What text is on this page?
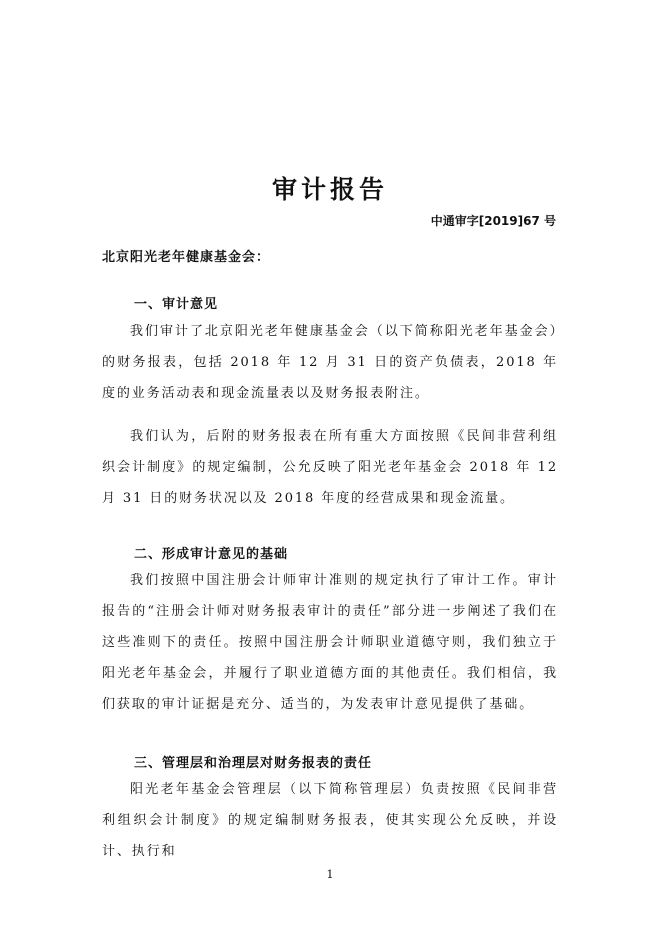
审计报告
中通审字[2019]67 号
北京阳光老年健康基金会：
一、审计意见

我们审计了北京阳光老年健康基金会（以下简称阳光老年基金会）的财务报表，包括 2018 年 12 月 31 日的资产负债表，2018 年度的业务活动表和现金流量表以及财务报表附注。

我们认为，后附的财务报表在所有重大方面按照《民间非营利组织会计制度》的规定编制，公允反映了阳光老年基金会 2018 年 12 月 31 日的财务状况以及 2018 年度的经营成果和现金流量。

二、形成审计意见的基础

我们按照中国注册会计师审计准则的规定执行了审计工作。审计报告的“注册会计师对财务报表审计的责任”部分进一步阐述了我们在这些准则下的责任。按照中国注册会计师职业道德守则，我们独立于阳光老年基金会，并履行了职业道德方面的其他责任。我们相信，我们获取的审计证据是充分、适当的，为发表审计意见提供了基础。

三、管理层和治理层对财务报表的责任

阳光老年基金会管理层（以下简称管理层）负责按照《民间非营利组织会计制度》的规定编制财务报表，使其实现公允反映，并设计、执行和

1
